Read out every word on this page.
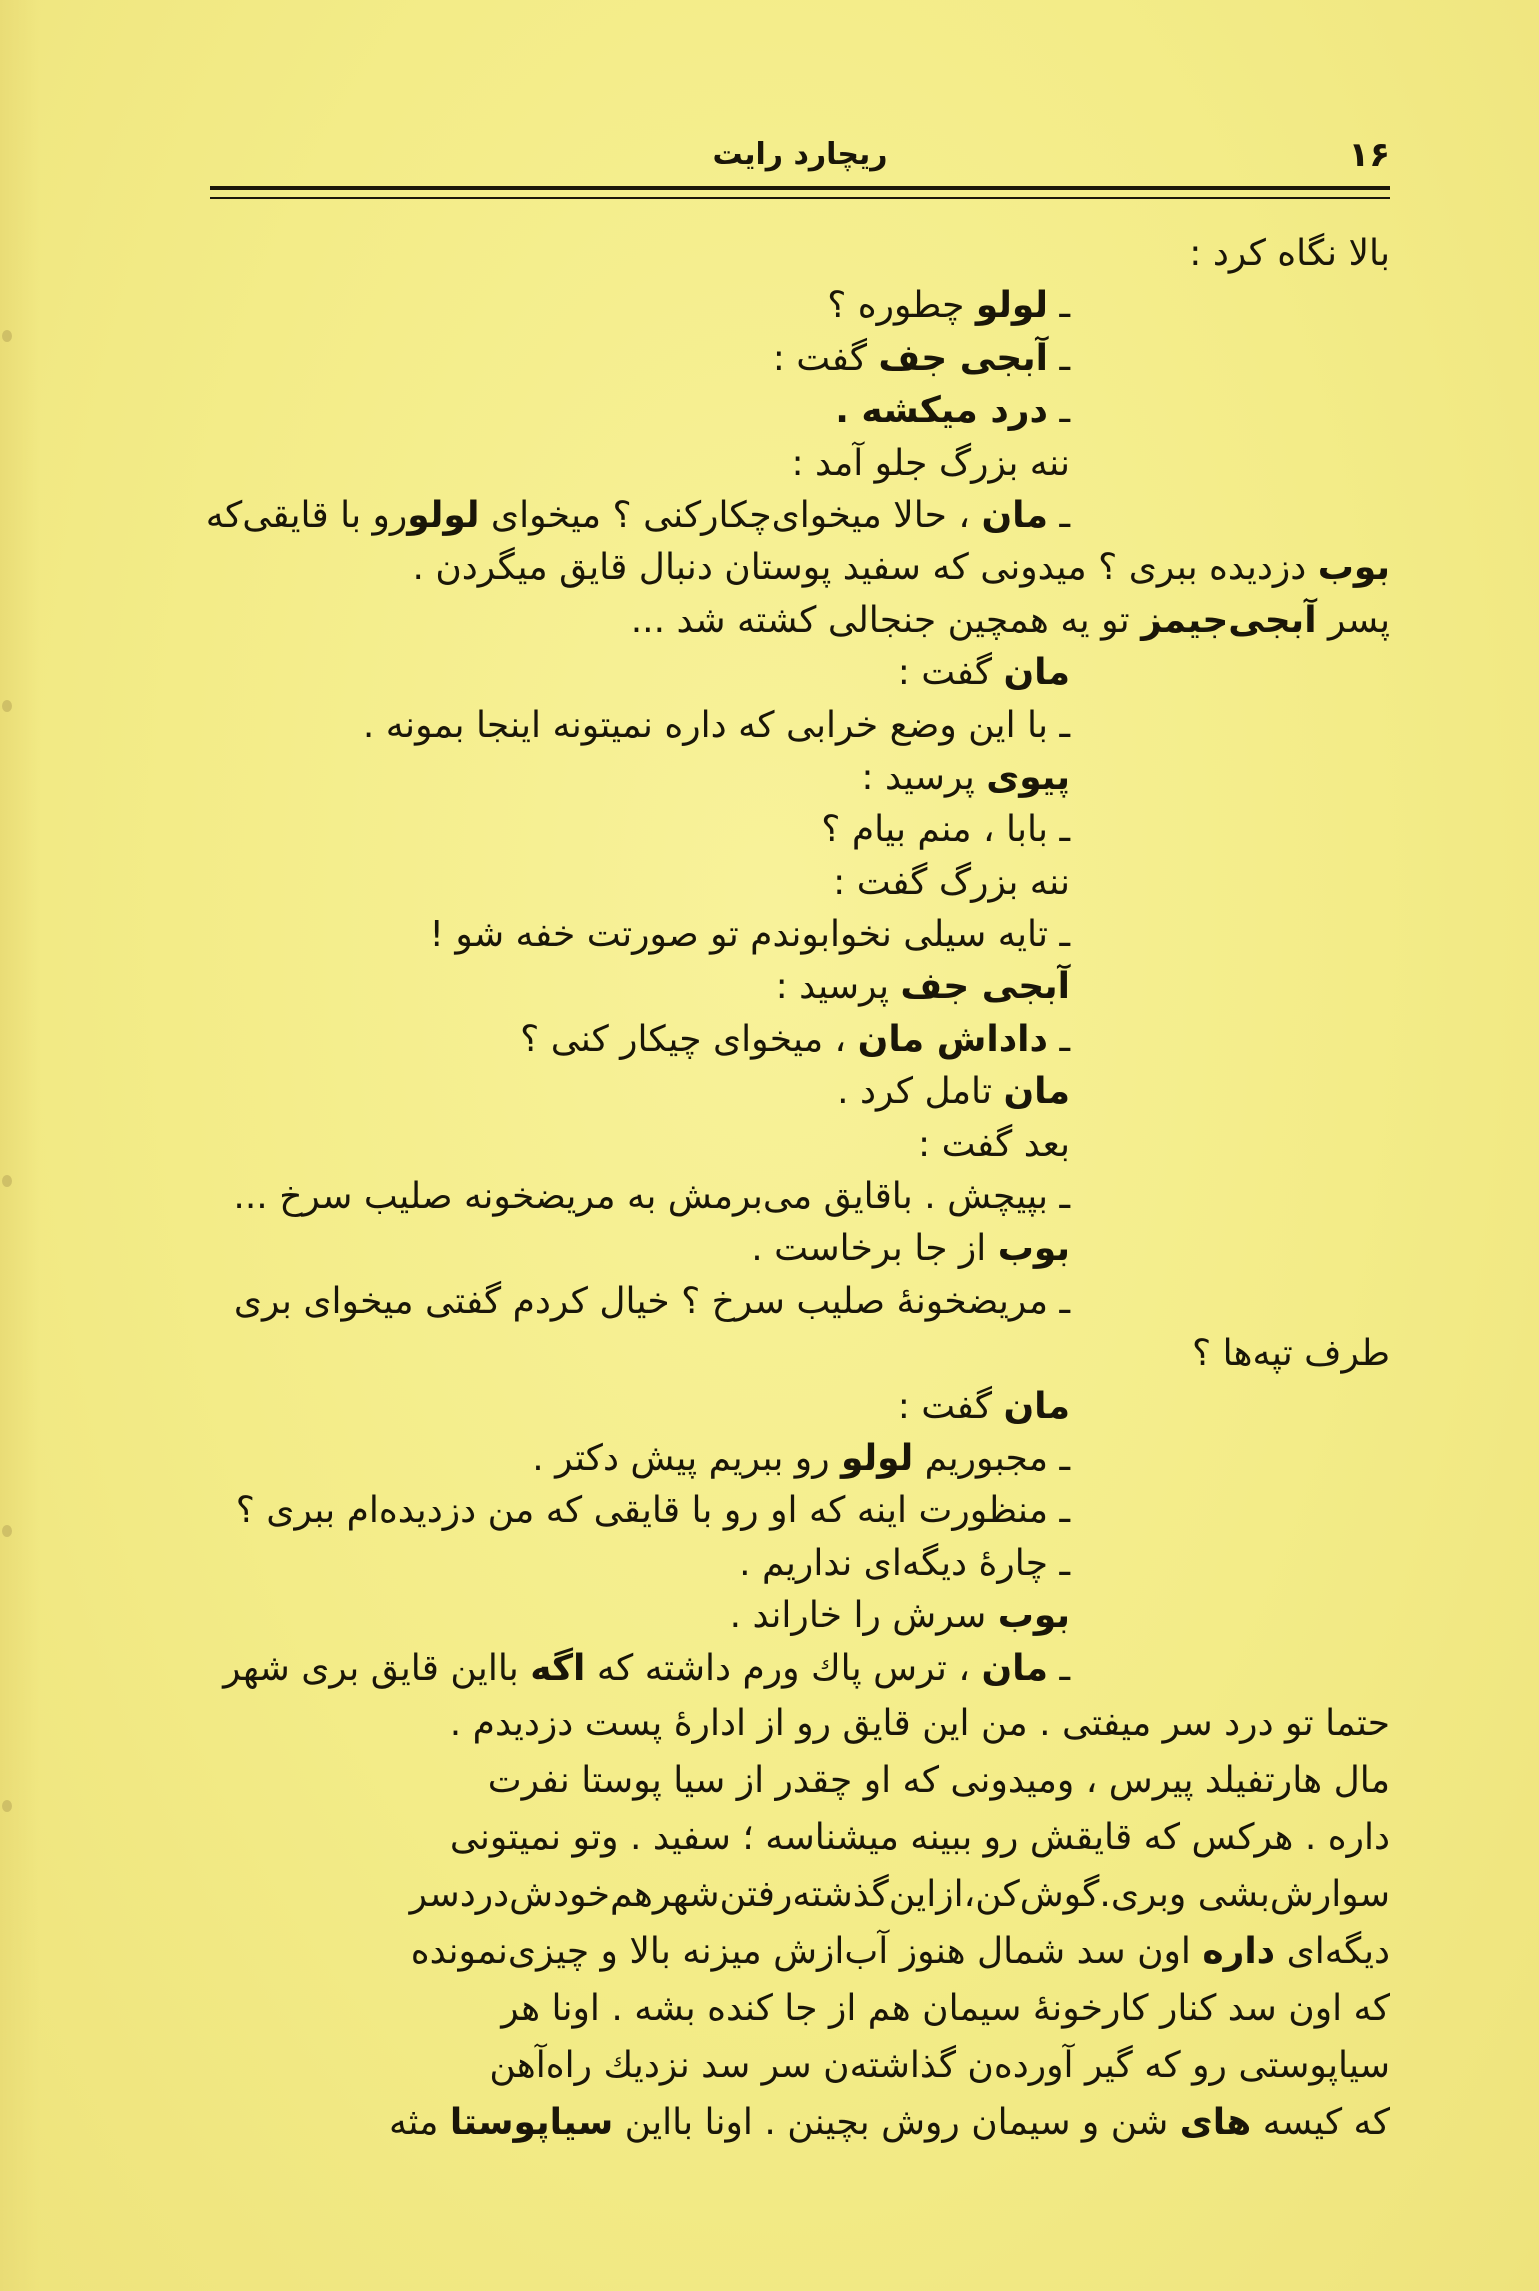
۱۶
ریچارد رایت
بالا نگاه کرد :
ـ لولو چطوره ؟
ـ آبجی جف گفت :
ـ درد میکشه .
ننه بزرگ جلو آمد :
ـ مان ، حالا میخوای‌چکارکنی ؟ میخوای لولورو با قایقی‌که
بوب دزدیده ببری ؟ میدونی که سفید پوستان دنبال قایق میگردن .
پسر آبجی‌جیمز تو یه همچین جنجالی کشته شد ...
مان گفت :
ـ با این وضع خرابی که داره نمیتونه اینجا بمونه .
پیوی پرسید :
ـ بابا ، منم بیام ؟
ننه بزرگ گفت :
ـ تا‌یه سیلی نخوابوندم تو صورتت خفه شو !
آبجی جف پرسید :
ـ داداش مان ، میخوای چیکار کنی ؟
مان تامل کرد .
بعد گفت :
ـ بپیچش . باقایق می‌برمش به مریضخونه صلیب سرخ ...
بوب از جا برخاست .
ـ مریضخونهٔ صلیب سرخ ؟ خیال کردم گفتی میخوای بری
طرف تپه‌ها ؟
مان گفت :
ـ مجبوریم لولو رو ببریم پیش دکتر .
ـ منظورت اینه که او رو با قایقی که من دزدیده‌ام ببری ؟
ـ چارهٔ دیگه‌ای نداریم .
بوب سرش را خاراند .
ـ مان ، ترس پاك ورم داشته که اگه بااین قایق بری شهر
حتما تو درد سر میفتی . من این قایق رو از ادارهٔ پست دزدیدم .
مال هارتفیلد پیرس ، ومیدونی که او چقدر از سیا پوستا نفرت
داره . هرکس که قایقش رو ببینه میشناسه ؛ سفید . وتو نمیتونی
سوارش‌بشی وبری.گوش‌کن،ازاین‌گذشته‌رفتن‌شهرهم‌خودش‌دردسر
دیگه‌ای داره اون سد شمال هنوز آب‌ازش میزنه بالا و چیزی‌نمونده
که اون سد کنار کارخونهٔ سیمان هم از جا کنده بشه . اونا هر
سیاپوستی رو که گیر آورده‌ن گذاشته‌ن سر سد نزدیك راه‌آهن
که کیسه های شن و سیمان روش بچینن . اونا بااین سیاپوستا مثه
